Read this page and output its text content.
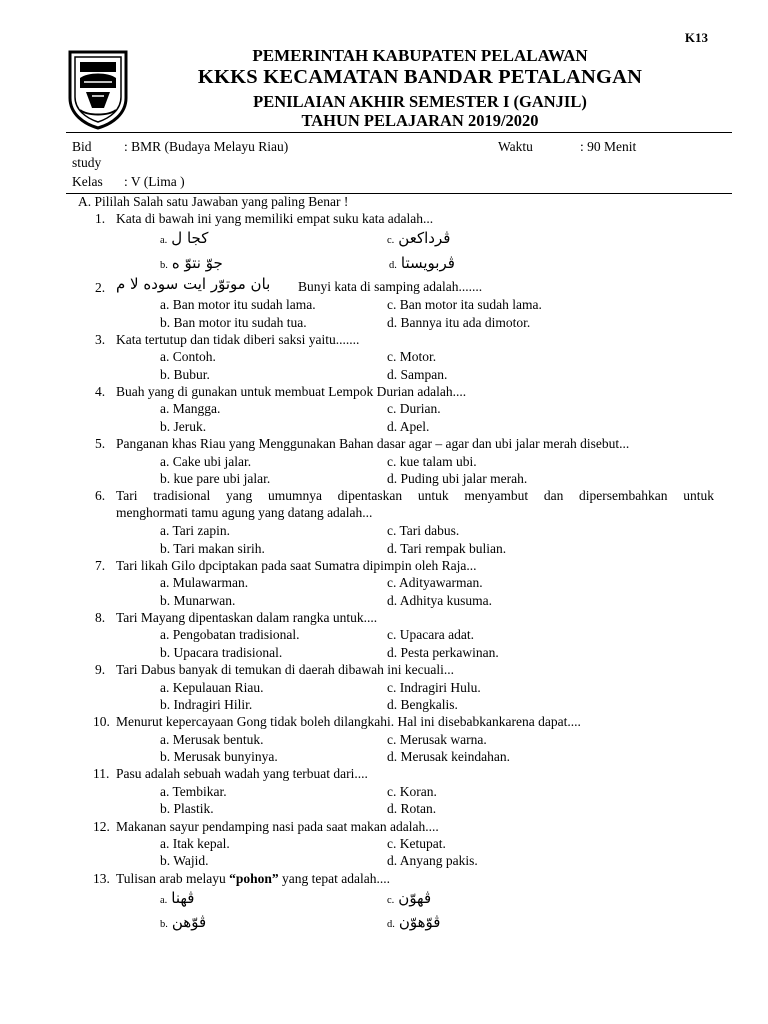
K13
PEMERINTAH KABUPATEN PELALAWAN
KKKS KECAMATAN BANDAR PETALANGAN
PENILAIAN AKHIR SEMESTER I (GANJIL)
TAHUN PELAJARAN 2019/2020
Bid
study
: BMR (Budaya Melayu Riau)	Waktu	: 90 Menit
Kelas : V (Lima )
A. Pililah Salah satu Jawaban yang paling Benar !
1. Kata di bawah ini yang memiliki empat suku kata adalah...
a. کجا ل	c. ڤرداکعن
b. جوّ نتوّ ه	d. ڤربويستا
2. بان موتوّر ايت سوده لا م Bunyi kata di samping adalah.......
a. Ban motor itu sudah lama.	c. Ban motor ita sudah lama.
b. Ban motor itu sudah tua.	d. Bannya itu ada dimotor.
3. Kata tertutup dan tidak diberi saksi yaitu.......
a. Contoh.	c. Motor.
b. Bubur.	d. Sampan.
4. Buah yang di gunakan untuk membuat Lempok Durian adalah....
a. Mangga.	c. Durian.
b. Jeruk.	d. Apel.
5. Panganan khas Riau yang Menggunakan Bahan dasar agar – agar dan ubi jalar merah disebut...
a. Cake ubi jalar.	c. kue talam ubi.
b. kue pare ubi jalar.	d. Puding ubi jalar merah.
6. Tari tradisional yang umumnya dipentaskan untuk menyambut dan dipersembahkan untuk
menghormati tamu agung yang datang adalah...
a. Tari zapin.	c. Tari dabus.
b. Tari makan sirih.	d. Tari rempak bulian.
7. Tari likah Gilo dpciptakan pada saat Sumatra dipimpin oleh Raja...
a. Mulawarman.	c. Adityawarman.
b. Munarwan.	d. Adhitya kusuma.
8. Tari Mayang dipentaskan dalam rangka untuk....
a. Pengobatan tradisional.	c. Upacara adat.
b. Upacara tradisional.	d. Pesta perkawinan.
9. Tari Dabus banyak di temukan di daerah dibawah ini kecuali...
a. Kepulauan Riau.	c. Indragiri Hulu.
b. Indragiri Hilir.	d. Bengkalis.
10. Menurut kepercayaan Gong tidak boleh dilangkahi. Hal ini disebabkankarena dapat....
a. Merusak bentuk.	c. Merusak warna.
b. Merusak bunyinya.	d. Merusak keindahan.
11. Pasu adalah sebuah wadah yang terbuat dari....
a. Tembikar.	c. Koran.
b. Plastik.	d. Rotan.
12. Makanan sayur pendamping nasi pada saat makan adalah....
a. Itak kepal.	c. Ketupat.
b. Wajid.	d. Anyang pakis.
13. Tulisan arab melayu “pohon” yang tepat adalah....
a. ڤهنا	c. ڤهوّن
b. ڤوّهن	d. ڤوّهوّن
